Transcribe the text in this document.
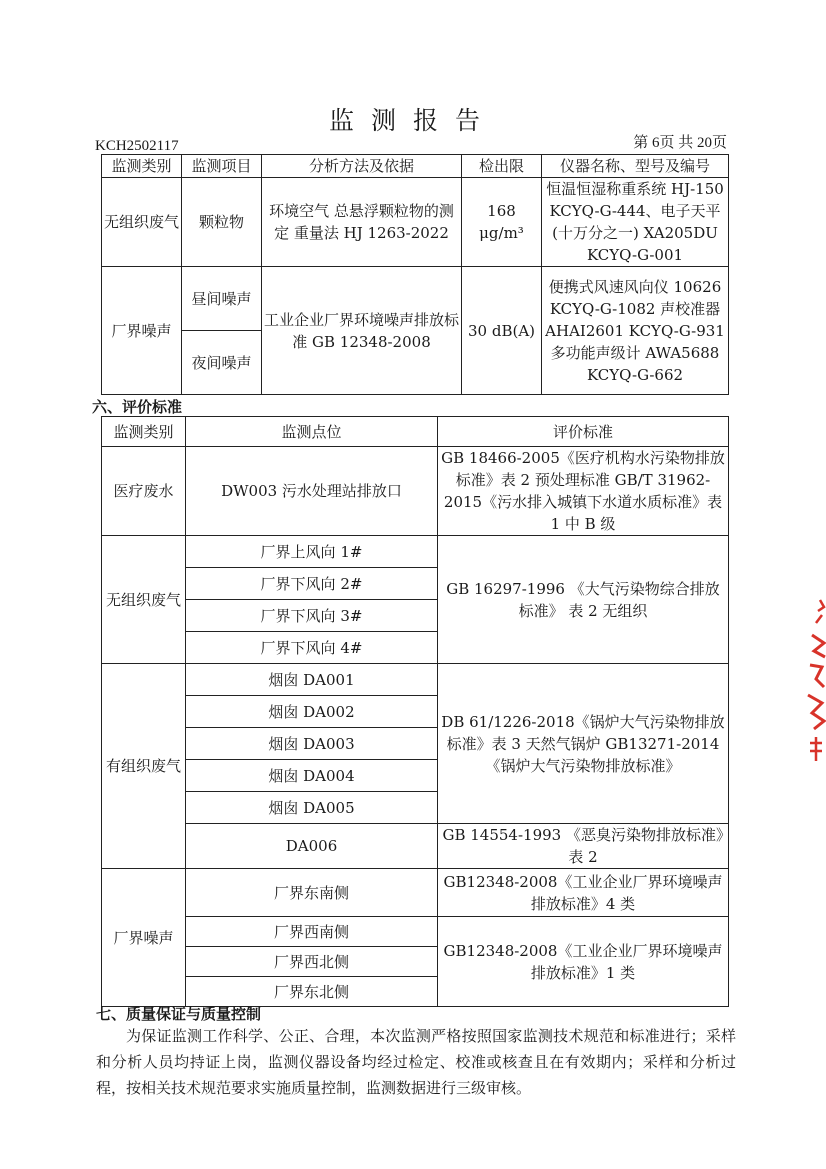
监测报告
KCH2502117	第 6页 共 20页
监测类别	监测项目	分析方法及依据	检出限	仪器名称、型号及编号
无组织废气	颗粒物	环境空气 总悬浮颗粒物的测定 重量法 HJ 1263-2022	168 μg/m³	恒温恒湿称重系统 HJ-150 KCYQ-G-444、电子天平(十万分之一) XA205DU KCYQ-G-001
厂界噪声	昼间噪声	工业企业厂界环境噪声排放标准 GB 12348-2008	30 dB(A)	便携式风速风向仪 10626 KCYQ-G-1082 声校准器 AHAI2601 KCYQ-G-931 多功能声级计 AWA5688 KCYQ-G-662
	夜间噪声			
六、评价标准
监测类别	监测点位	评价标准
医疗废水	DW003 污水处理站排放口	GB 18466-2005《医疗机构水污染物排放标准》表 2 预处理标准 GB/T 31962-2015《污水排入城镇下水道水质标准》表 1 中 B 级
无组织废气	厂界上风向 1#	GB 16297-1996 《大气污染物综合排放标准》 表 2 无组织
	厂界下风向 2#	
	厂界下风向 3#	
	厂界下风向 4#	
有组织废气	烟囱 DA001	DB 61/1226-2018《锅炉大气污染物排放标准》表 3 天然气锅炉 GB13271-2014 《锅炉大气污染物排放标准》
	烟囱 DA002	
	烟囱 DA003	
	烟囱 DA004	
	烟囱 DA005	
	DA006	GB 14554-1993 《恶臭污染物排放标准》表 2
厂界噪声	厂界东南侧	GB12348-2008《工业企业厂界环境噪声排放标准》4 类
	厂界西南侧	GB12348-2008《工业企业厂界环境噪声排放标准》1 类
	厂界西北侧	
	厂界东北侧	
七、质量保证与质量控制
为保证监测工作科学、公正、合理，本次监测严格按照国家监测技术规范和标准进行；采样和分析人员均持证上岗，监测仪器设备均经过检定、校准或核查且在有效期内；采样和分析过程，按相关技术规范要求实施质量控制，监测数据进行三级审核。
